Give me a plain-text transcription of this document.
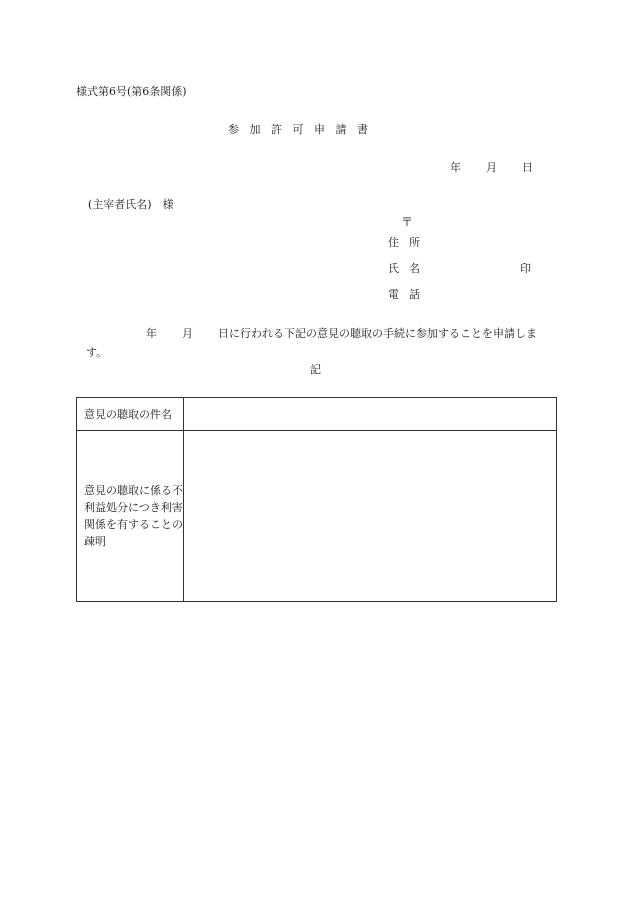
様式第6号(第6条関係)
参加許可申請書
年 月 日
(主宰者氏名)　様
〒
住所
氏名	印
電話
年 月 日に行われる下記の意見の聴取の手続に参加することを申請します。
記
意見の聴取の件名	
意見の聴取に係る不利益処分につき利害関係を有することの疎明	
